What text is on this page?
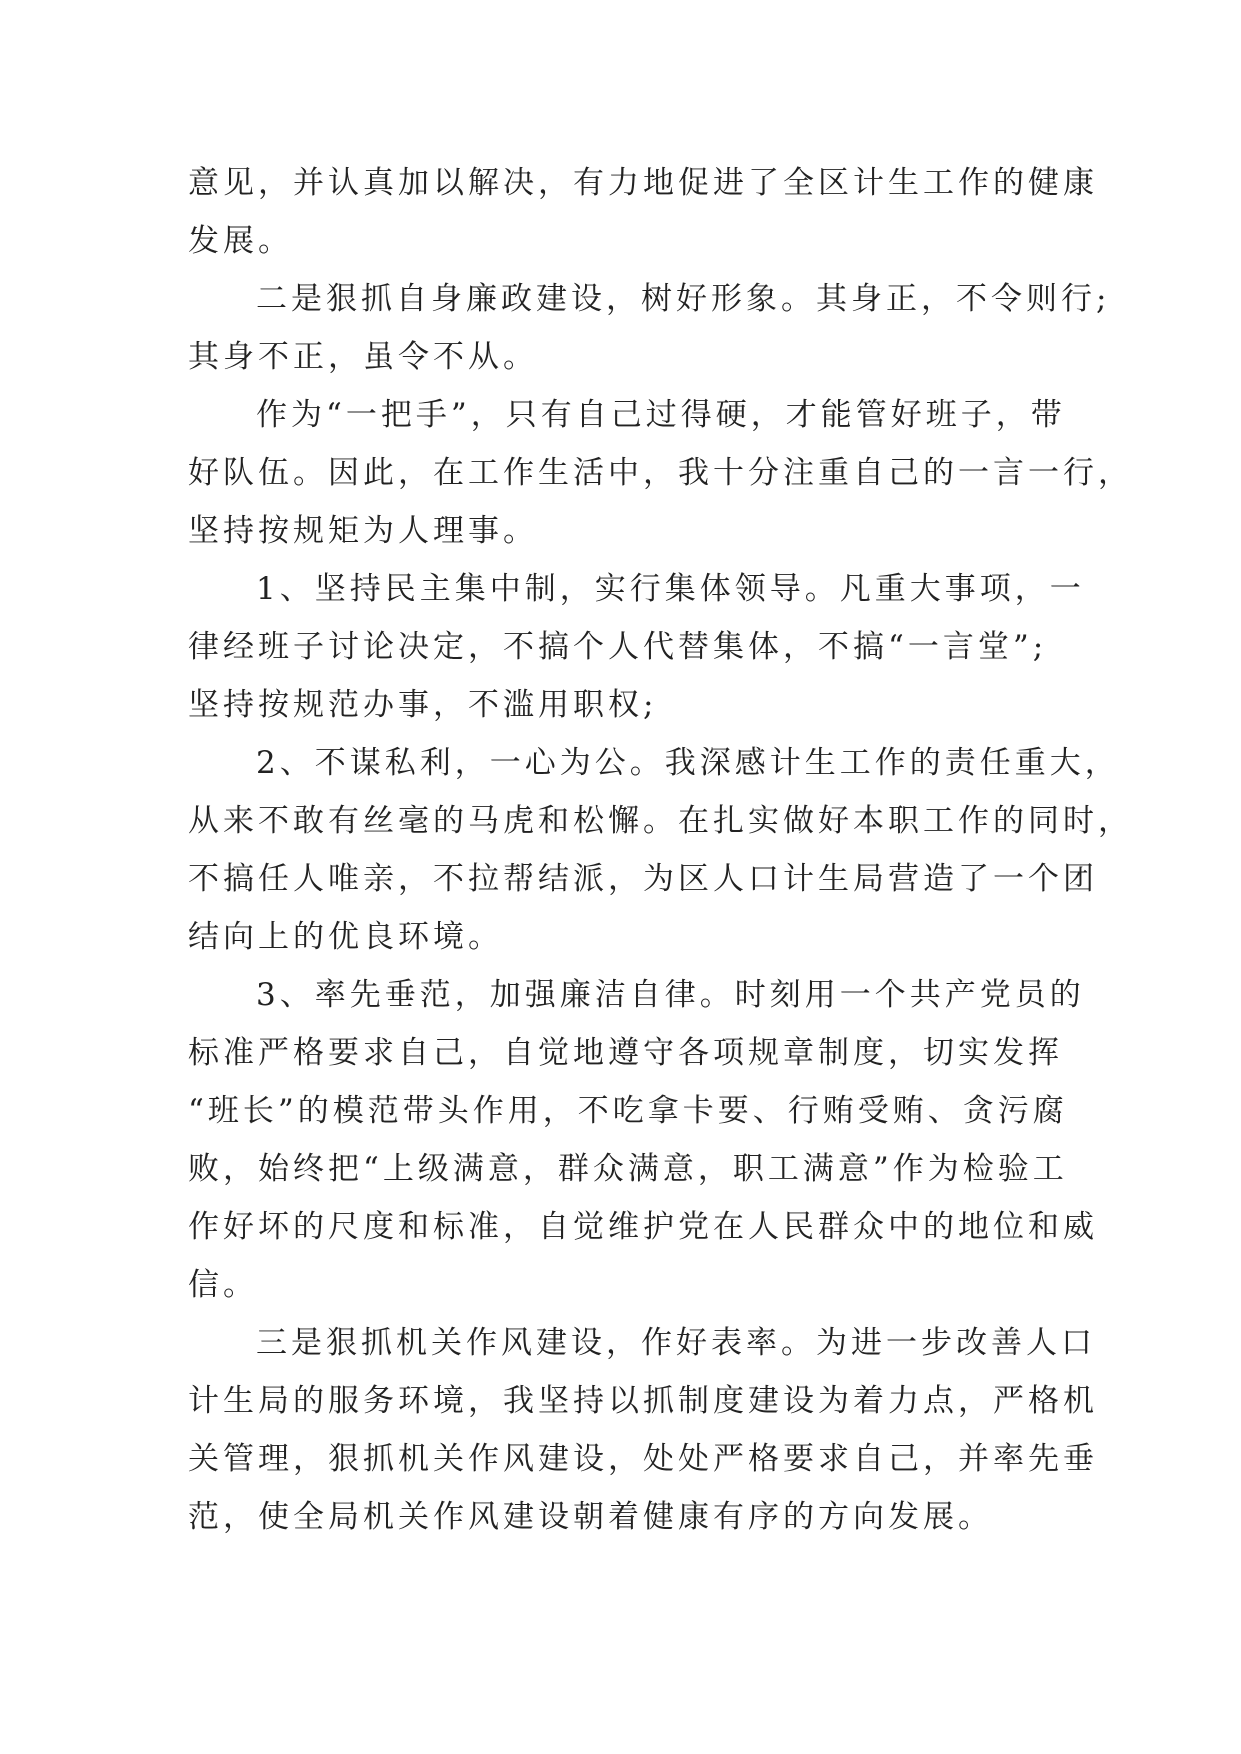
意见，并认真加以解决，有力地促进了全区计生工作的健康
发展。
二是狠抓自身廉政建设，树好形象。其身正，不令则行;
其身不正，虽令不从。
作为“一把手”，只有自己过得硬，才能管好班子，带
好队伍。因此，在工作生活中，我十分注重自己的一言一行，
坚持按规矩为人理事。
1、坚持民主集中制，实行集体领导。凡重大事项，一
律经班子讨论决定，不搞个人代替集体，不搞“一言堂”;
坚持按规范办事，不滥用职权;
2、不谋私利，一心为公。我深感计生工作的责任重大，
从来不敢有丝毫的马虎和松懈。在扎实做好本职工作的同时，
不搞任人唯亲，不拉帮结派，为区人口计生局营造了一个团
结向上的优良环境。
3、率先垂范，加强廉洁自律。时刻用一个共产党员的
标准严格要求自己，自觉地遵守各项规章制度，切实发挥
“班长”的模范带头作用，不吃拿卡要、行贿受贿、贪污腐
败，始终把“上级满意，群众满意，职工满意”作为检验工
作好坏的尺度和标准，自觉维护党在人民群众中的地位和威
信。
三是狠抓机关作风建设，作好表率。为进一步改善人口
计生局的服务环境，我坚持以抓制度建设为着力点，严格机
关管理，狠抓机关作风建设，处处严格要求自己，并率先垂
范，使全局机关作风建设朝着健康有序的方向发展。
